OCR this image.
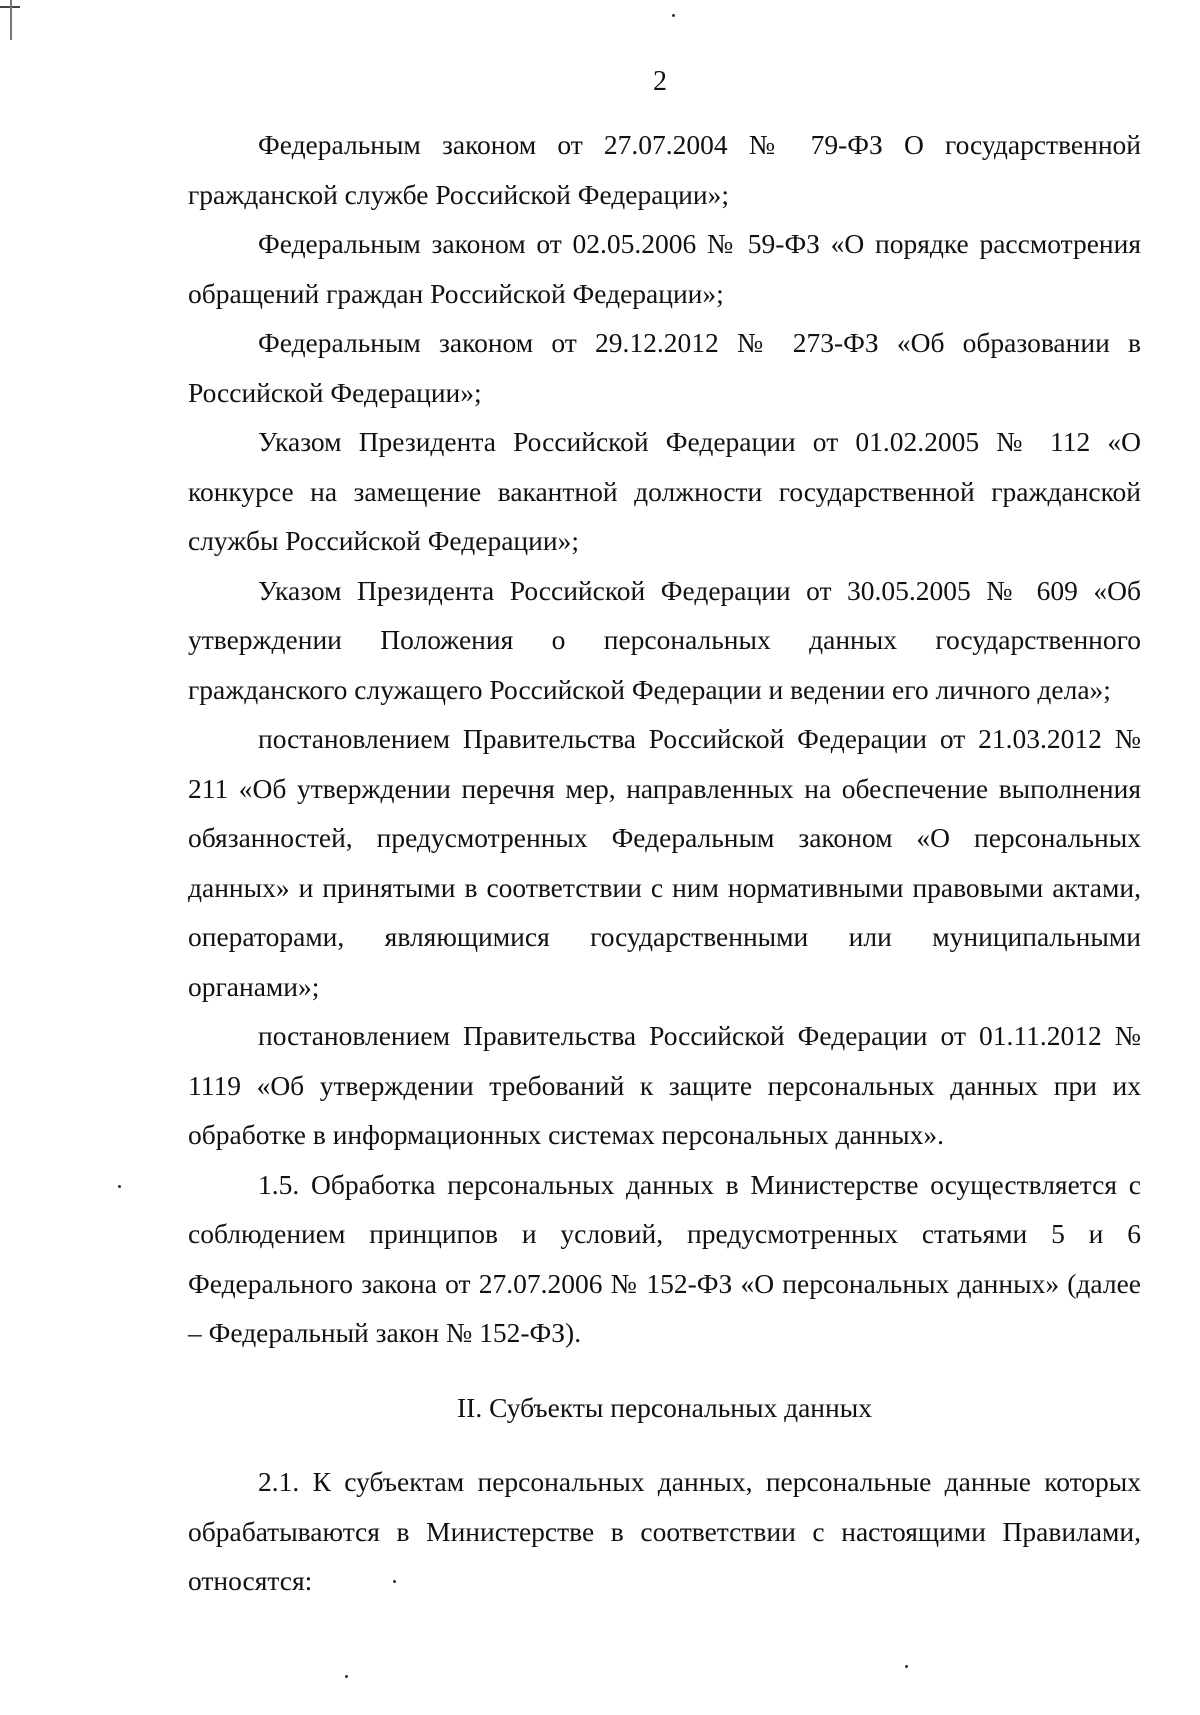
2

Федеральным законом от 27.07.2004 № 79-ФЗ О государственной гражданской службе Российской Федерации»;

Федеральным законом от 02.05.2006 № 59-ФЗ «О порядке рассмотрения обращений граждан Российской Федерации»;

Федеральным законом от 29.12.2012 № 273-ФЗ «Об образовании в Российской Федерации»;

Указом Президента Российской Федерации от 01.02.2005 № 112 «О конкурсе на замещение вакантной должности государственной гражданской службы Российской Федерации»;

Указом Президента Российской Федерации от 30.05.2005 № 609 «Об утверждении Положения о персональных данных государственного гражданского служащего Российской Федерации и ведении его личного дела»;

постановлением Правительства Российской Федерации от 21.03.2012 № 211 «Об утверждении перечня мер, направленных на обеспечение выполнения обязанностей, предусмотренных Федеральным законом «О персональных данных» и принятыми в соответствии с ним нормативными правовыми актами, операторами, являющимися государственными или муниципальными органами»;

постановлением Правительства Российской Федерации от 01.11.2012 № 1119 «Об утверждении требований к защите персональных данных при их обработке в информационных системах персональных данных».

1.5. Обработка персональных данных в Министерстве осуществляется с соблюдением принципов и условий, предусмотренных статьями 5 и 6 Федерального закона от 27.07.2006 № 152-ФЗ «О персональных данных» (далее – Федеральный закон № 152-ФЗ).

II. Субъекты персональных данных

2.1. К субъектам персональных данных, персональные данные которых обрабатываются в Министерстве в соответствии с настоящими Правилами, относятся:
